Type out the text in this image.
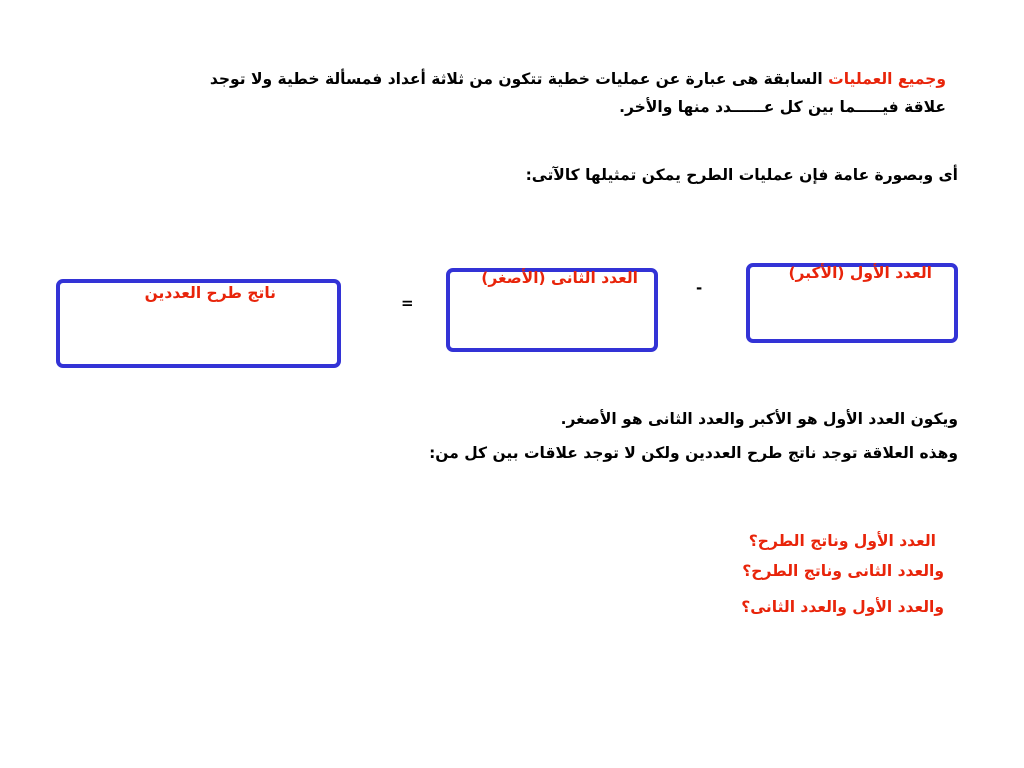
وجميع العمليات السابقة هى عبارة عن عمليات خطية تتكون من ثلاثة أعداد فمسألة خطية ولا توجد
علاقة فيـــــما بين كل عــــــدد منها والأخر.
أى وبصورة عامة فإن عمليات الطرح يمكن تمثيلها كالآتى:
العدد الأول (الأكبر)
-
العدد الثانى (الأصغر)
=
ناتج طرح العددين
ويكون العدد الأول هو الأكبر والعدد الثانى هو الأصغر.
وهذه العلاقة توجد ناتج طرح العددين ولكن لا توجد علاقات بين كل من:
العدد الأول وناتج الطرح؟
والعدد الثانى وناتج الطرح؟
والعدد الأول والعدد الثانى؟
